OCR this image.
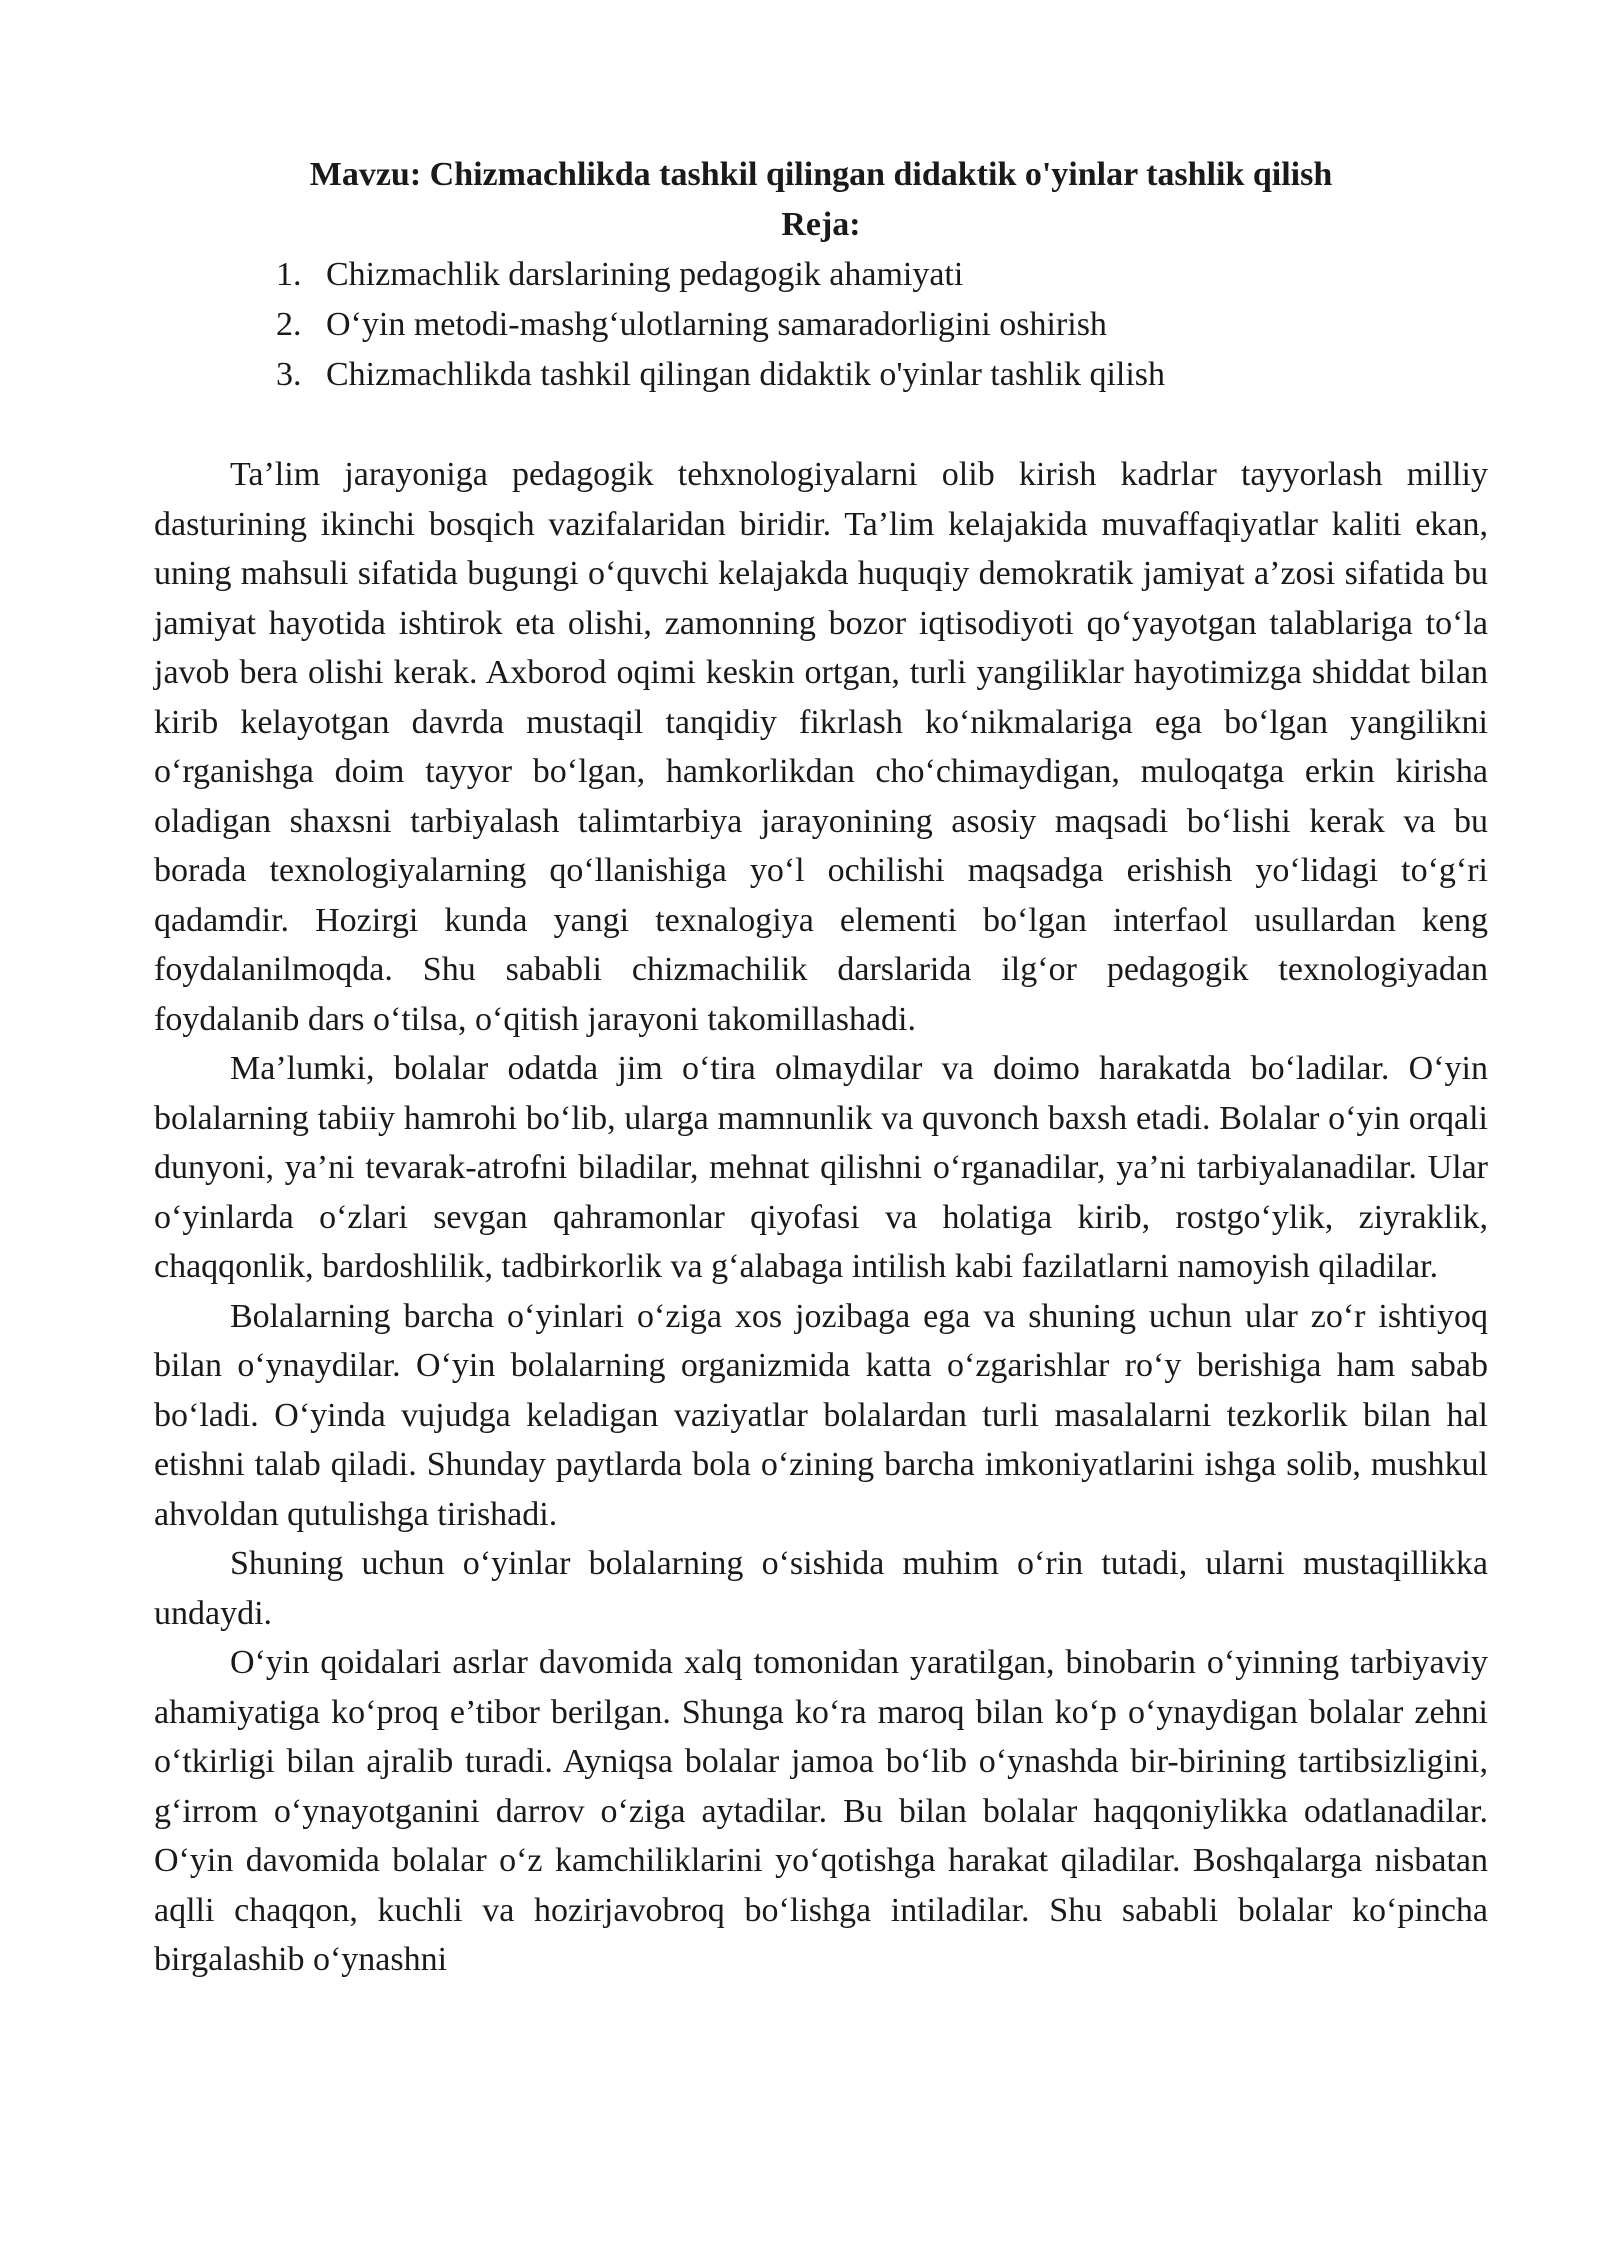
Mavzu: Chizmachlikda tashkil qilingan didaktik o'yinlar tashlik qilish
Reja:
1. Chizmachlik darslarining pedagogik ahamiyati
2. O‘yin metodi-mashg‘ulotlarning samaradorligini oshirish
3. Chizmachlikda tashkil qilingan didaktik o'yinlar tashlik qilish

Ta’lim jarayoniga pedagogik tehxnologiyalarni olib kirish kadrlar tayyorlash milliy dasturining ikinchi bosqich vazifalaridan biridir. Ta’lim kelajakida muvaffaqiyatlar kaliti ekan, uning mahsuli sifatida bugungi o‘quvchi kelajakda huquqiy demokratik jamiyat a’zosi sifatida bu jamiyat hayotida ishtirok eta olishi, zamonning bozor iqtisodiyoti qo‘yayotgan talablariga to‘la javob bera olishi kerak. Axborod oqimi keskin ortgan, turli yangiliklar hayotimizga shiddat bilan kirib kelayotgan davrda mustaqil tanqidiy fikrlash ko‘nikmalariga ega bo‘lgan yangilikni o‘rganishga doim tayyor bo‘lgan, hamkorlikdan cho‘chimaydigan, muloqatga erkin kirisha oladigan shaxsni tarbiyalash talimtarbiya jarayonining asosiy maqsadi bo‘lishi kerak va bu borada texnologiyalarning qo‘llanishiga yo‘l ochilishi maqsadga erishish yo‘lidagi to‘g‘ri qadamdir. Hozirgi kunda yangi texnalogiya elementi bo‘lgan interfaol usullardan keng foydalanilmoqda. Shu sababli chizmachilik darslarida ilg‘or pedagogik texnologiyadan foydalanib dars o‘tilsa, o‘qitish jarayoni takomillashadi.

Ma’lumki, bolalar odatda jim o‘tira olmaydilar va doimo harakatda bo‘ladilar. O‘yin bolalarning tabiiy hamrohi bo‘lib, ularga mamnunlik va quvonch baxsh etadi. Bolalar o‘yin orqali dunyoni, ya’ni tevarak-atrofni biladilar, mehnat qilishni o‘rganadilar, ya’ni tarbiyalanadilar. Ular o‘yinlarda o‘zlari sevgan qahramonlar qiyofasi va holatiga kirib, rostgo‘ylik, ziyraklik, chaqqonlik, bardoshlilik, tadbirkorlik va g‘alabaga intilish kabi fazilatlarni namoyish qiladilar.

Bolalarning barcha o‘yinlari o‘ziga xos jozibaga ega va shuning uchun ular zo‘r ishtiyoq bilan o‘ynaydilar. O‘yin bolalarning organizmida katta o‘zgarishlar ro‘y berishiga ham sabab bo‘ladi. O‘yinda vujudga keladigan vaziyatlar bolalardan turli masalalarni tezkorlik bilan hal etishni talab qiladi. Shunday paytlarda bola o‘zining barcha imkoniyatlarini ishga solib, mushkul ahvoldan qutulishga tirishadi.

Shuning uchun o‘yinlar bolalarning o‘sishida muhim o‘rin tutadi, ularni mustaqillikka undaydi.

O‘yin qoidalari asrlar davomida xalq tomonidan yaratilgan, binobarin o‘yinning tarbiyaviy ahamiyatiga ko‘proq e’tibor berilgan. Shunga ko‘ra maroq bilan ko‘p o‘ynaydigan bolalar zehni o‘tkirligi bilan ajralib turadi. Ayniqsa bolalar jamoa bo‘lib o‘ynashda bir-birining tartibsizligini, g‘irrom o‘ynayotganini darrov o‘ziga aytadilar. Bu bilan bolalar haqqoniylikka odatlanadilar. O‘yin davomida bolalar o‘z kamchiliklarini yo‘qotishga harakat qiladilar. Boshqalarga nisbatan aqlli chaqqon, kuchli va hozirjavobroq bo‘lishga intiladilar. Shu sababli bolalar ko‘pincha birgalashib o‘ynashni
